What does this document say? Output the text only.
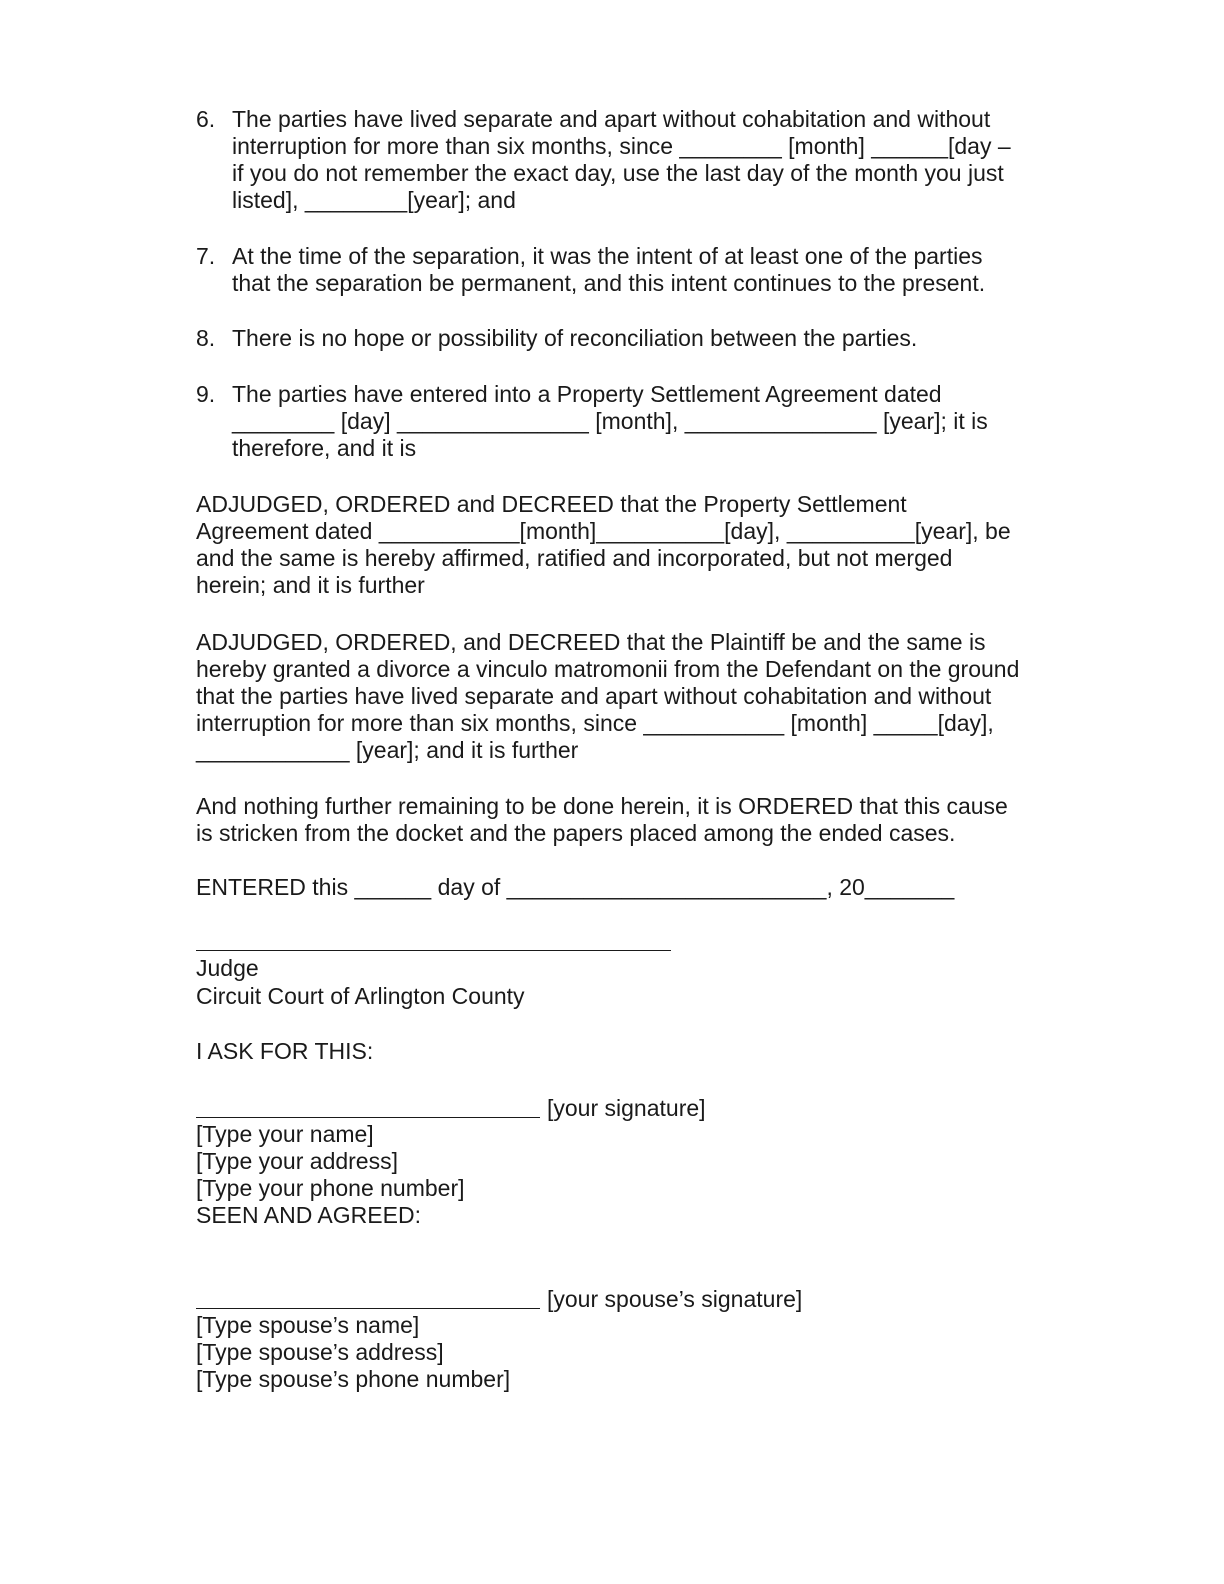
6. The parties have lived separate and apart without cohabitation and without
interruption for more than six months, since ________ [month] ______[day –
if you do not remember the exact day, use the last day of the month you just
listed], ________[year]; and
7. At the time of the separation, it was the intent of at least one of the parties
that the separation be permanent, and this intent continues to the present.
8. There is no hope or possibility of reconciliation between the parties.
9. The parties have entered into a Property Settlement Agreement dated
________ [day] _______________ [month], _______________ [year]; it is
therefore, and it is
ADJUDGED, ORDERED and DECREED that the Property Settlement
Agreement dated ___________[month]__________[day], __________[year], be
and the same is hereby affirmed, ratified and incorporated, but not merged
herein; and it is further
ADJUDGED, ORDERED, and DECREED that the Plaintiff be and the same is
hereby granted a divorce a vinculo matromonii from the Defendant on the ground
that the parties have lived separate and apart without cohabitation and without
interruption for more than six months, since ___________ [month] _____[day],
____________ [year]; and it is further
And nothing further remaining to be done herein, it is ORDERED that this cause
is stricken from the docket and the papers placed among the ended cases.
ENTERED this ______ day of _________________________, 20_______
Judge
Circuit Court of Arlington County
I ASK FOR THIS:
[your signature]
[Type your name]
[Type your address]
[Type your phone number]
SEEN AND AGREED:
[your spouse’s signature]
[Type spouse’s name]
[Type spouse’s address]
[Type spouse’s phone number]
